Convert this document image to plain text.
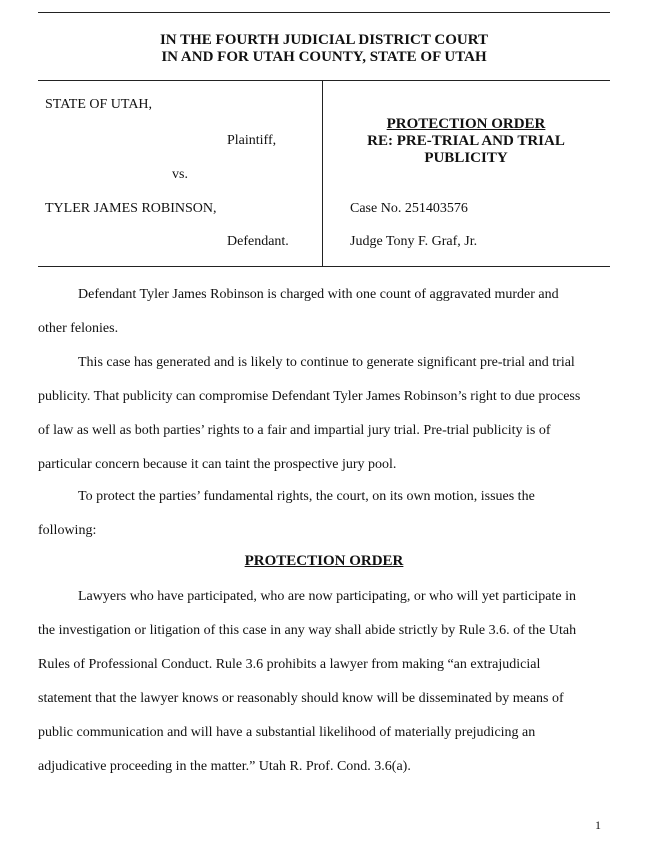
IN THE FOURTH JUDICIAL DISTRICT COURT
IN AND FOR UTAH COUNTY, STATE OF UTAH
STATE OF UTAH,
Plaintiff,
vs.
TYLER JAMES ROBINSON,
Defendant.
PROTECTION ORDER
RE: PRE-TRIAL AND TRIAL
PUBLICITY
Case No. 251403576
Judge Tony F. Graf, Jr.
Defendant Tyler James Robinson is charged with one count of aggravated murder and
other felonies.
This case has generated and is likely to continue to generate significant pre-trial and trial
publicity. That publicity can compromise Defendant Tyler James Robinson’s right to due process
of law as well as both parties’ rights to a fair and impartial jury trial. Pre-trial publicity is of
particular concern because it can taint the prospective jury pool.
To protect the parties’ fundamental rights, the court, on its own motion, issues the
following:
PROTECTION ORDER
Lawyers who have participated, who are now participating, or who will yet participate in
the investigation or litigation of this case in any way shall abide strictly by Rule 3.6. of the Utah
Rules of Professional Conduct. Rule 3.6 prohibits a lawyer from making “an extrajudicial
statement that the lawyer knows or reasonably should know will be disseminated by means of
public communication and will have a substantial likelihood of materially prejudicing an
adjudicative proceeding in the matter.” Utah R. Prof. Cond. 3.6(a).
1
